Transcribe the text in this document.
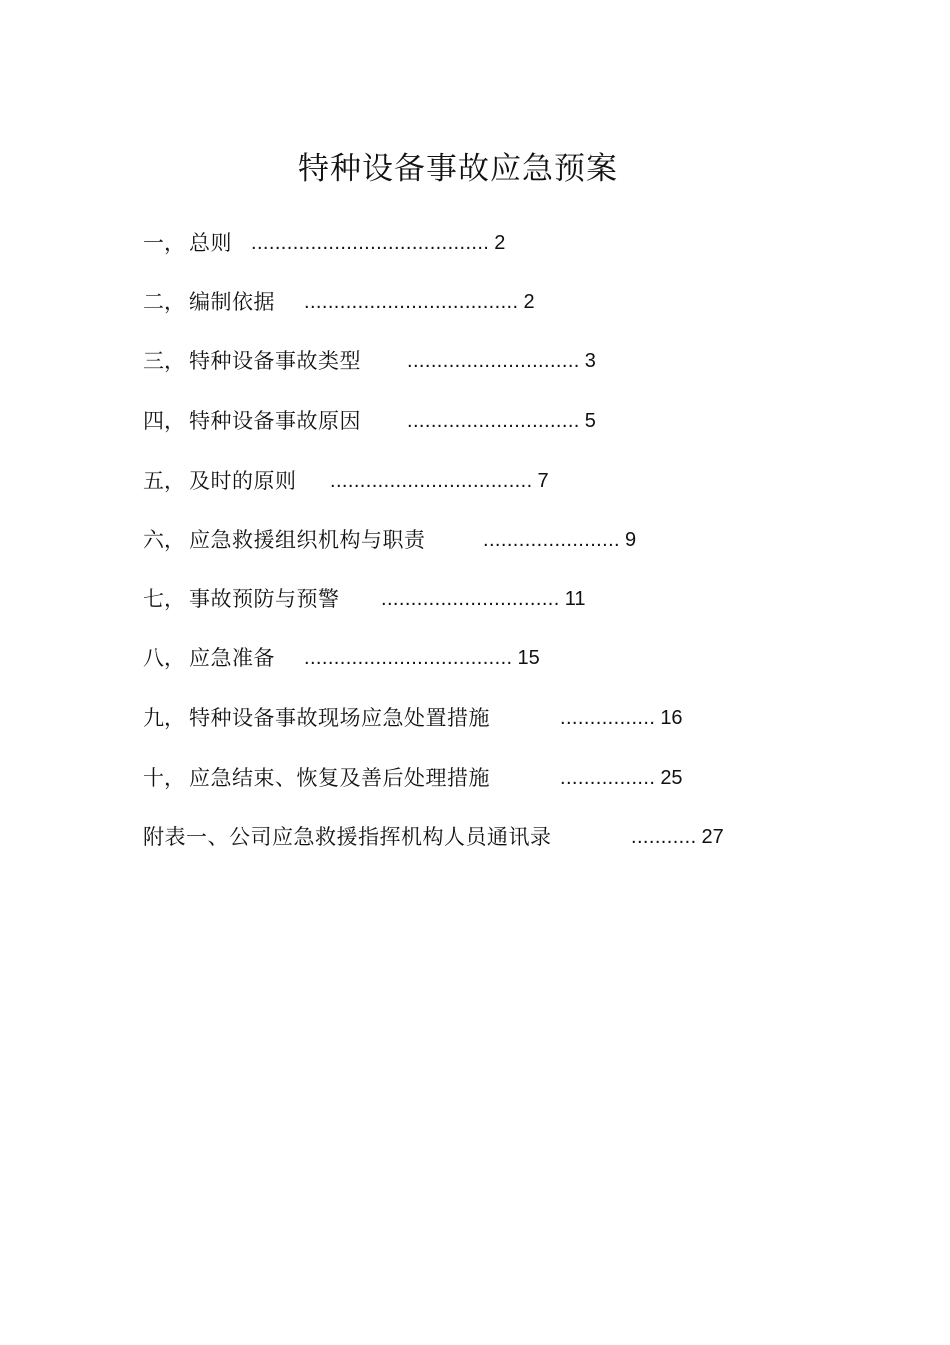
特种设备事故应急预案
一， 总则 ........................................ 2
二， 编制依据 .................................... 2
三， 特种设备事故类型 ............................. 3
四， 特种设备事故原因 ............................. 5
五， 及时的原则 .................................. 7
六， 应急救援组织机构与职责	....................... 9
七， 事故预防与预警 .............................. 11
八， 应急准备 ................................... 15
九， 特种设备事故现场应急处置措施	................ 16
十， 应急结束、恢复及善后处理措施	................ 25
附表一、公司应急救援指挥机构人员通讯录	........... 27
